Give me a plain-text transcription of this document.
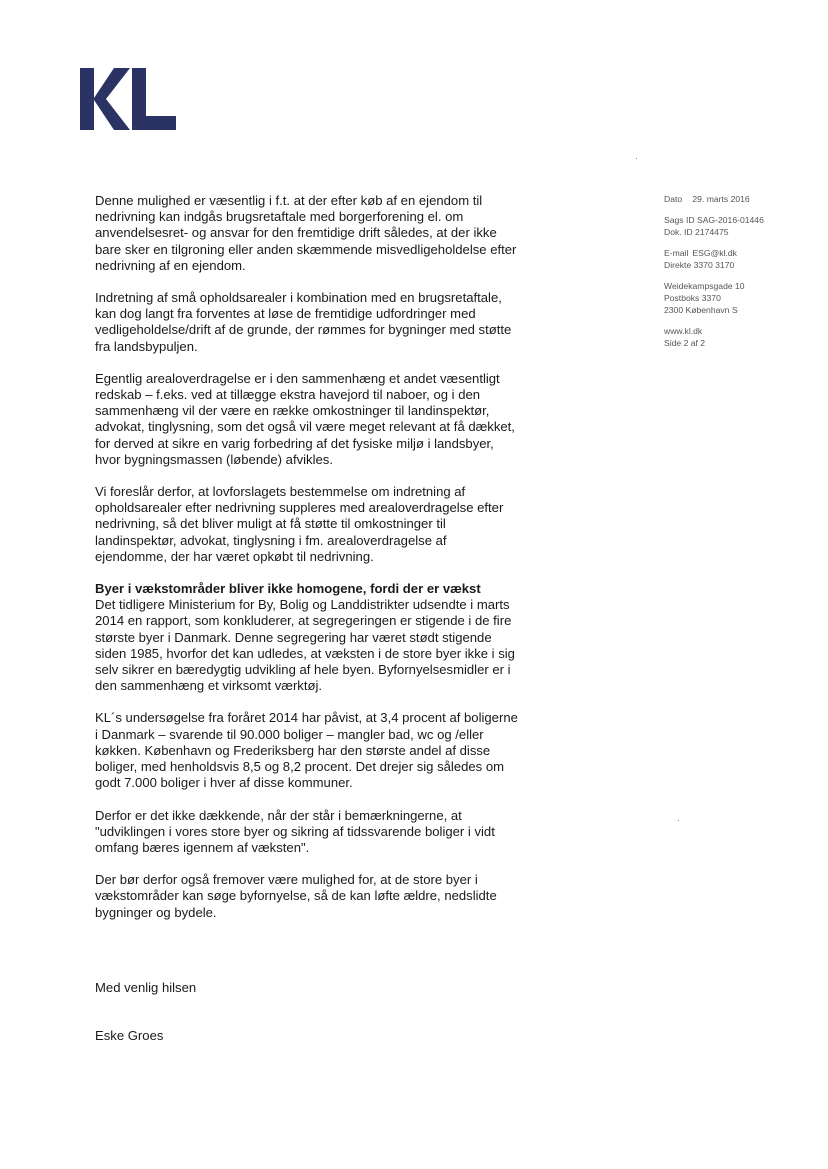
Dato 29. marts 2016
Sags ID SAG-2016-01446
Dok. ID 2174475
E-mail ESG@kl.dk
Direkte 3370 3170
Weidekampsgade 10
Postboks 3370
2300 København S
www.kl.dk
Side 2 af 2
Denne mulighed er væsentlig i f.t. at der efter køb af en ejendom til
nedrivning kan indgås brugsretaftale med borgerforening el. om
anvendelsesret- og ansvar for den fremtidige drift således, at der ikke
bare sker en tilgroning eller anden skæmmende misvedligeholdelse efter
nedrivning af en ejendom.
Indretning af små opholdsarealer i kombination med en brugsretaftale,
kan dog langt fra forventes at løse de fremtidige udfordringer med
vedligeholdelse/drift af de grunde, der rømmes for bygninger med støtte
fra landsbypuljen.
Egentlig arealoverdragelse er i den sammenhæng et andet væsentligt
redskab – f.eks. ved at tillægge ekstra havejord til naboer, og i den
sammenhæng vil der være en række omkostninger til landinspektør,
advokat, tinglysning, som det også vil være meget relevant at få dækket,
for derved at sikre en varig forbedring af det fysiske miljø i landsbyer,
hvor bygningsmassen (løbende) afvikles.
Vi foreslår derfor, at lovforslagets bestemmelse om indretning af
opholdsarealer efter nedrivning suppleres med arealoverdragelse efter
nedrivning, så det bliver muligt at få støtte til omkostninger til
landinspektør, advokat, tinglysning i fm. arealoverdragelse af
ejendomme, der har været opkøbt til nedrivning.
Byer i vækstområder bliver ikke homogene, fordi der er vækst
Det tidligere Ministerium for By, Bolig og Landdistrikter udsendte i marts
2014 en rapport, som konkluderer, at segregeringen er stigende i de fire
største byer i Danmark. Denne segregering har været stødt stigende
siden 1985, hvorfor det kan udledes, at væksten i de store byer ikke i sig
selv sikrer en bæredygtig udvikling af hele byen. Byfornyelsesmidler er i
den sammenhæng et virksomt værktøj.
KL´s undersøgelse fra foråret 2014 har påvist, at 3,4 procent af boligerne
i Danmark – svarende til 90.000 boliger – mangler bad, wc og /eller
køkken. København og Frederiksberg har den største andel af disse
boliger, med henholdsvis 8,5 og 8,2 procent. Det drejer sig således om
godt 7.000 boliger i hver af disse kommuner.
Derfor er det ikke dækkende, når der står i bemærkningerne, at
"udviklingen i vores store byer og sikring af tidssvarende boliger i vidt
omfang bæres igennem af væksten".
Der bør derfor også fremover være mulighed for, at de store byer i
vækstområder kan søge byfornyelse, så de kan løfte ældre, nedslidte
bygninger og bydele.
Med venlig hilsen
Eske Groes
